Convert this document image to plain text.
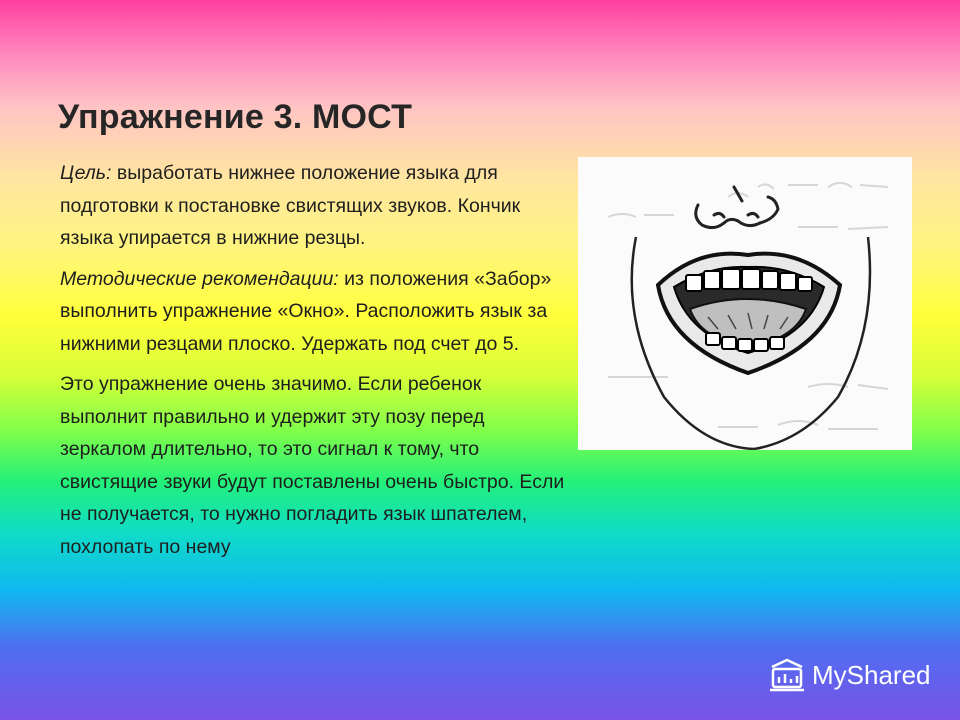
Упражнение 3. МОСТ

Цель: выработать нижнее положение языка для подготовки к постановке свистящих звуков. Кончик языка упирается в нижние резцы.

Методические рекомендации: из положения «Забор» выполнить упражнение «Окно». Расположить язык за нижними резцами плоско. Удержать под счет до 5.

Это упражнение очень значимо. Если ребенок выполнит правильно и удержит эту позу перед зеркалом длительно, то это сигнал к тому, что свистящие звуки будут поставлены очень быстро. Если не получается, то нужно погладить язык шпателем, похлопать по нему

MyShared
